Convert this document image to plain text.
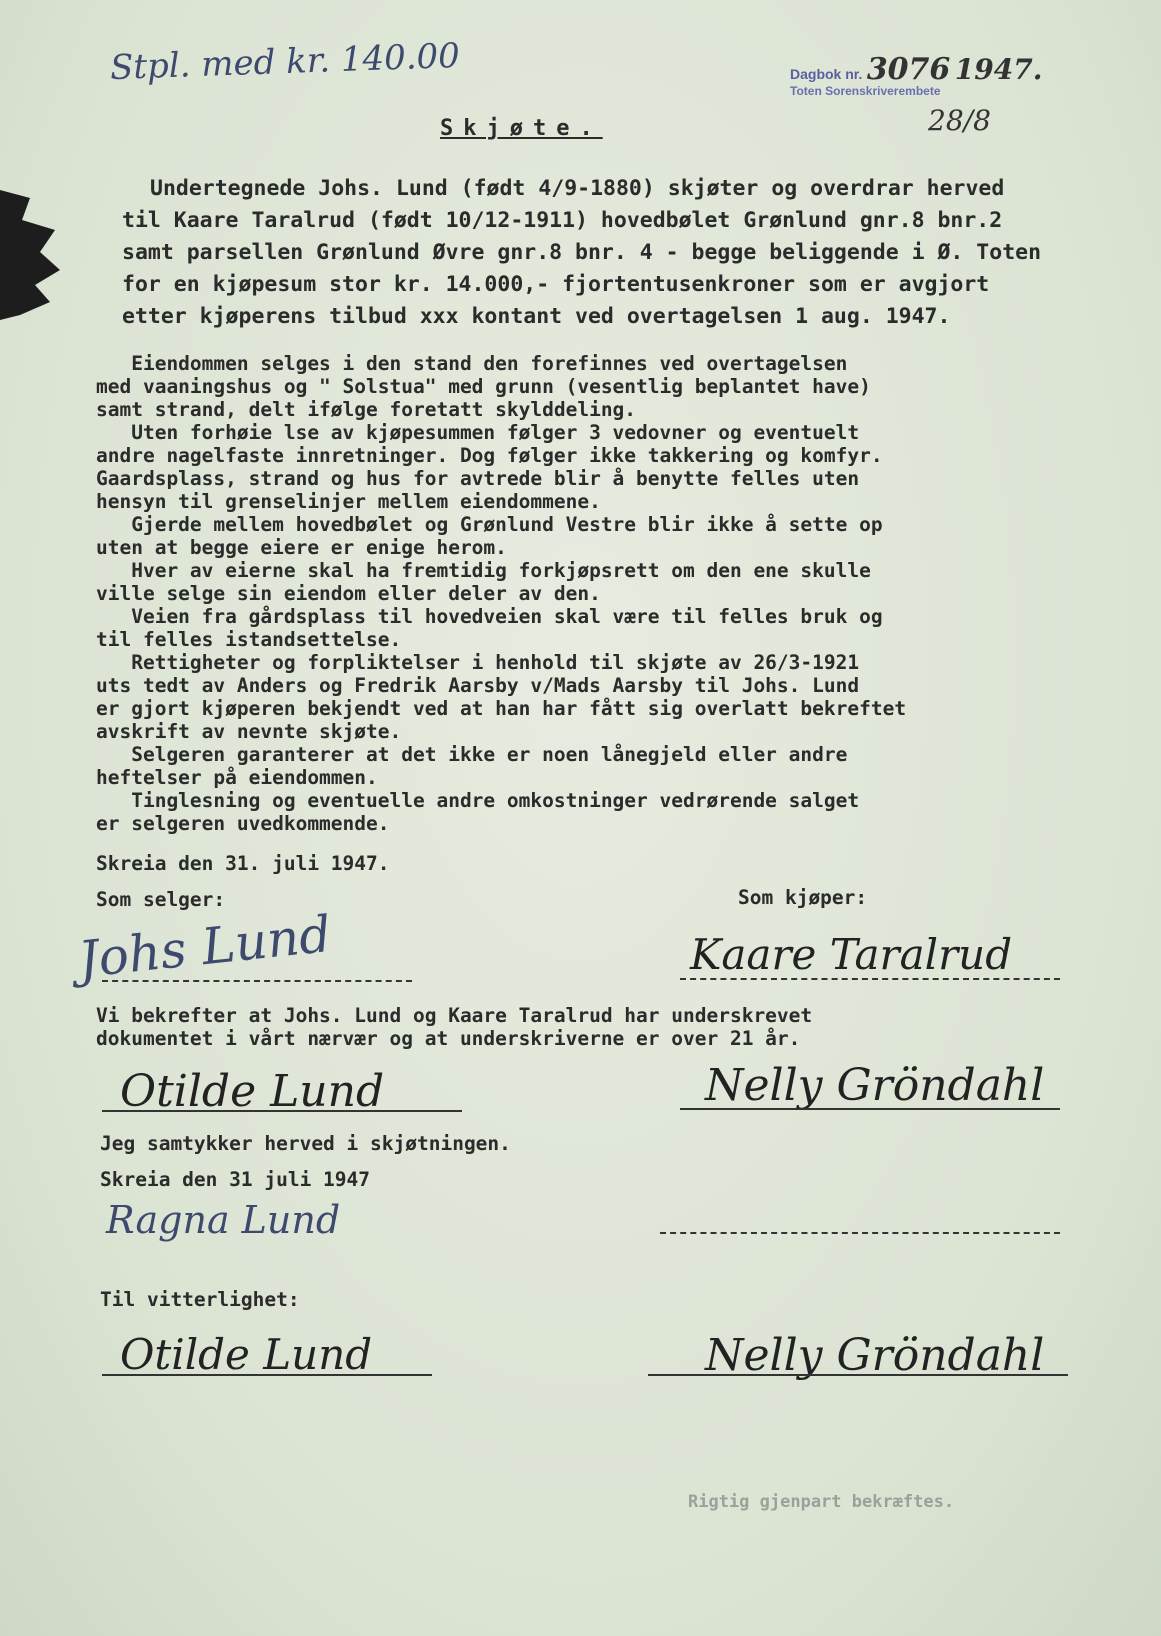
Stpl. med kr. 140.00	Dagbok nr. 3076 1947.
Toten Sorenskriverembete
28/8
Skjøte.
Undertegnede Johs. Lund (født 4/9-1880) skjøter og overdrar herved
til Kaare Taralrud (født 10/12-1911) hovedbølet Grønlund gnr.8 bnr.2
samt parsellen Grønlund Øvre gnr.8 bnr. 4 - begge beliggende i Ø. Toten
for en kjøpesum stor kr. 14.000,- fjortentusenkroner som er avgjort
etter kjøperens tilbud xxx kontant ved overtagelsen 1 aug. 1947.
Eiendommen selges i den stand den forefinnes ved overtagelsen
med vaaningshus og " Solstua" med grunn (vesentlig beplantet have)
samt strand, delt ifølge foretatt skylddeling.
Uten forhøie lse av kjøpesummen følger 3 vedovner og eventuelt
andre nagelfaste innretninger. Dog følger ikke takkering og komfyr.
Gaardsplass, strand og hus for avtrede blir å benytte felles uten
hensyn til grenselinjer mellem eiendommene.
Gjerde mellem hovedbølet og Grønlund Vestre blir ikke å sette op
uten at begge eiere er enige herom.
Hver av eierne skal ha fremtidig forkjøpsrett om den ene skulle
ville selge sin eiendom eller deler av den.
Veien fra gårdsplass til hovedveien skal være til felles bruk og
til felles istandsettelse.
Rettigheter og forpliktelser i henhold til skjøte av 26/3-1921
uts tedt av Anders og Fredrik Aarsby v/Mads Aarsby til Johs. Lund
er gjort kjøperen bekjendt ved at han har fått sig overlatt bekreftet
avskrift av nevnte skjøte.
Selgeren garanterer at det ikke er noen lånegjeld eller andre
heftelser på eiendommen.
Tinglesning og eventuelle andre omkostninger vedrørende salget
er selgeren uvedkommende.
Skreia den 31. juli 1947.
Som selger:	Som kjøper:
Johs Lund	Kaare Taralrud
Vi bekrefter at Johs. Lund og Kaare Taralrud har underskrevet
dokumentet i vårt nærvær og at underskriverne er over 21 år.
Otilde Lund	Nelly Gröndahl
Jeg samtykker herved i skjøtningen.
Skreia den 31 juli 1947
Ragna Lund
Til vitterlighet:
Otilde Lund	Nelly Gröndahl
Rigtig gjenpart bekræftes.
